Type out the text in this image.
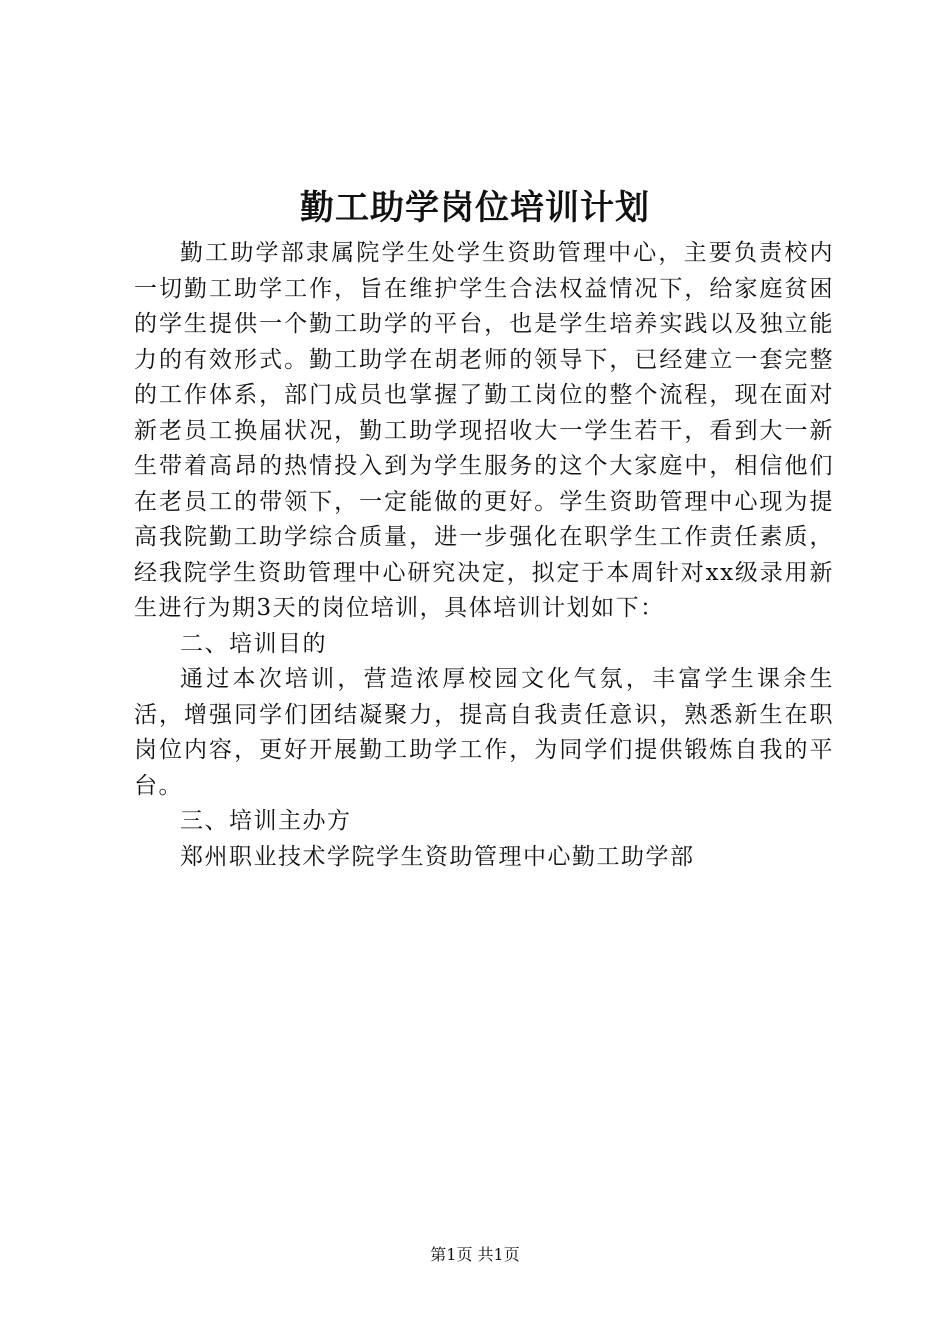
勤工助学岗位培训计划

勤工助学部隶属院学生处学生资助管理中心，主要负责校内一切勤工助学工作，旨在维护学生合法权益情况下，给家庭贫困的学生提供一个勤工助学的平台，也是学生培养实践以及独立能力的有效形式。勤工助学在胡老师的领导下，已经建立一套完整的工作体系，部门成员也掌握了勤工岗位的整个流程，现在面对新老员工换届状况，勤工助学现招收大一学生若干，看到大一新生带着高昂的热情投入到为学生服务的这个大家庭中，相信他们在老员工的带领下，一定能做的更好。学生资助管理中心现为提高我院勤工助学综合质量，进一步强化在职学生工作责任素质，经我院学生资助管理中心研究决定，拟定于本周针对xx级录用新生进行为期3天的岗位培训，具体培训计划如下：

二、培训目的

通过本次培训，营造浓厚校园文化气氛，丰富学生课余生活，增强同学们团结凝聚力，提高自我责任意识，熟悉新生在职岗位内容，更好开展勤工助学工作，为同学们提供锻炼自我的平台。

三、培训主办方

郑州职业技术学院学生资助管理中心勤工助学部

第1页 共1页
